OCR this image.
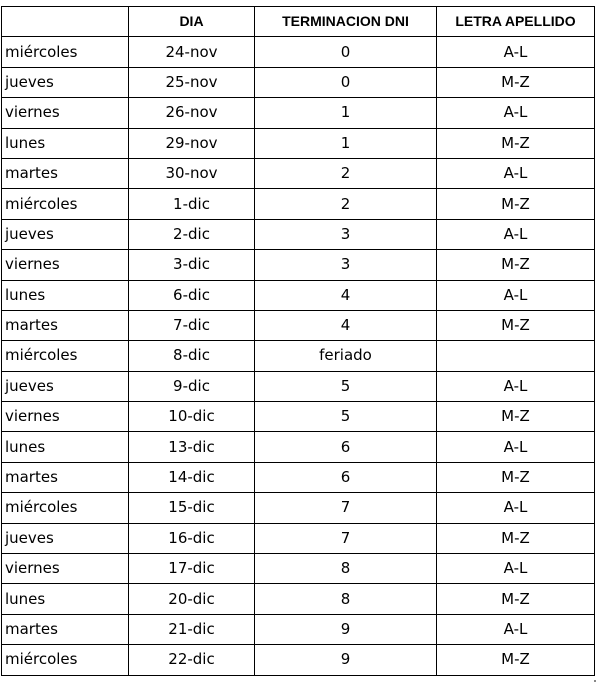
	DIA	TERMINACION DNI	LETRA APELLIDO
miércoles	24-nov	0	A-L
jueves	25-nov	0	M-Z
viernes	26-nov	1	A-L
lunes	29-nov	1	M-Z
martes	30-nov	2	A-L
miércoles	1-dic	2	M-Z
jueves	2-dic	3	A-L
viernes	3-dic	3	M-Z
lunes	6-dic	4	A-L
martes	7-dic	4	M-Z
miércoles	8-dic	feriado	
jueves	9-dic	5	A-L
viernes	10-dic	5	M-Z
lunes	13-dic	6	A-L
martes	14-dic	6	M-Z
miércoles	15-dic	7	A-L
jueves	16-dic	7	M-Z
viernes	17-dic	8	A-L
lunes	20-dic	8	M-Z
martes	21-dic	9	A-L
miércoles	22-dic	9	M-Z
